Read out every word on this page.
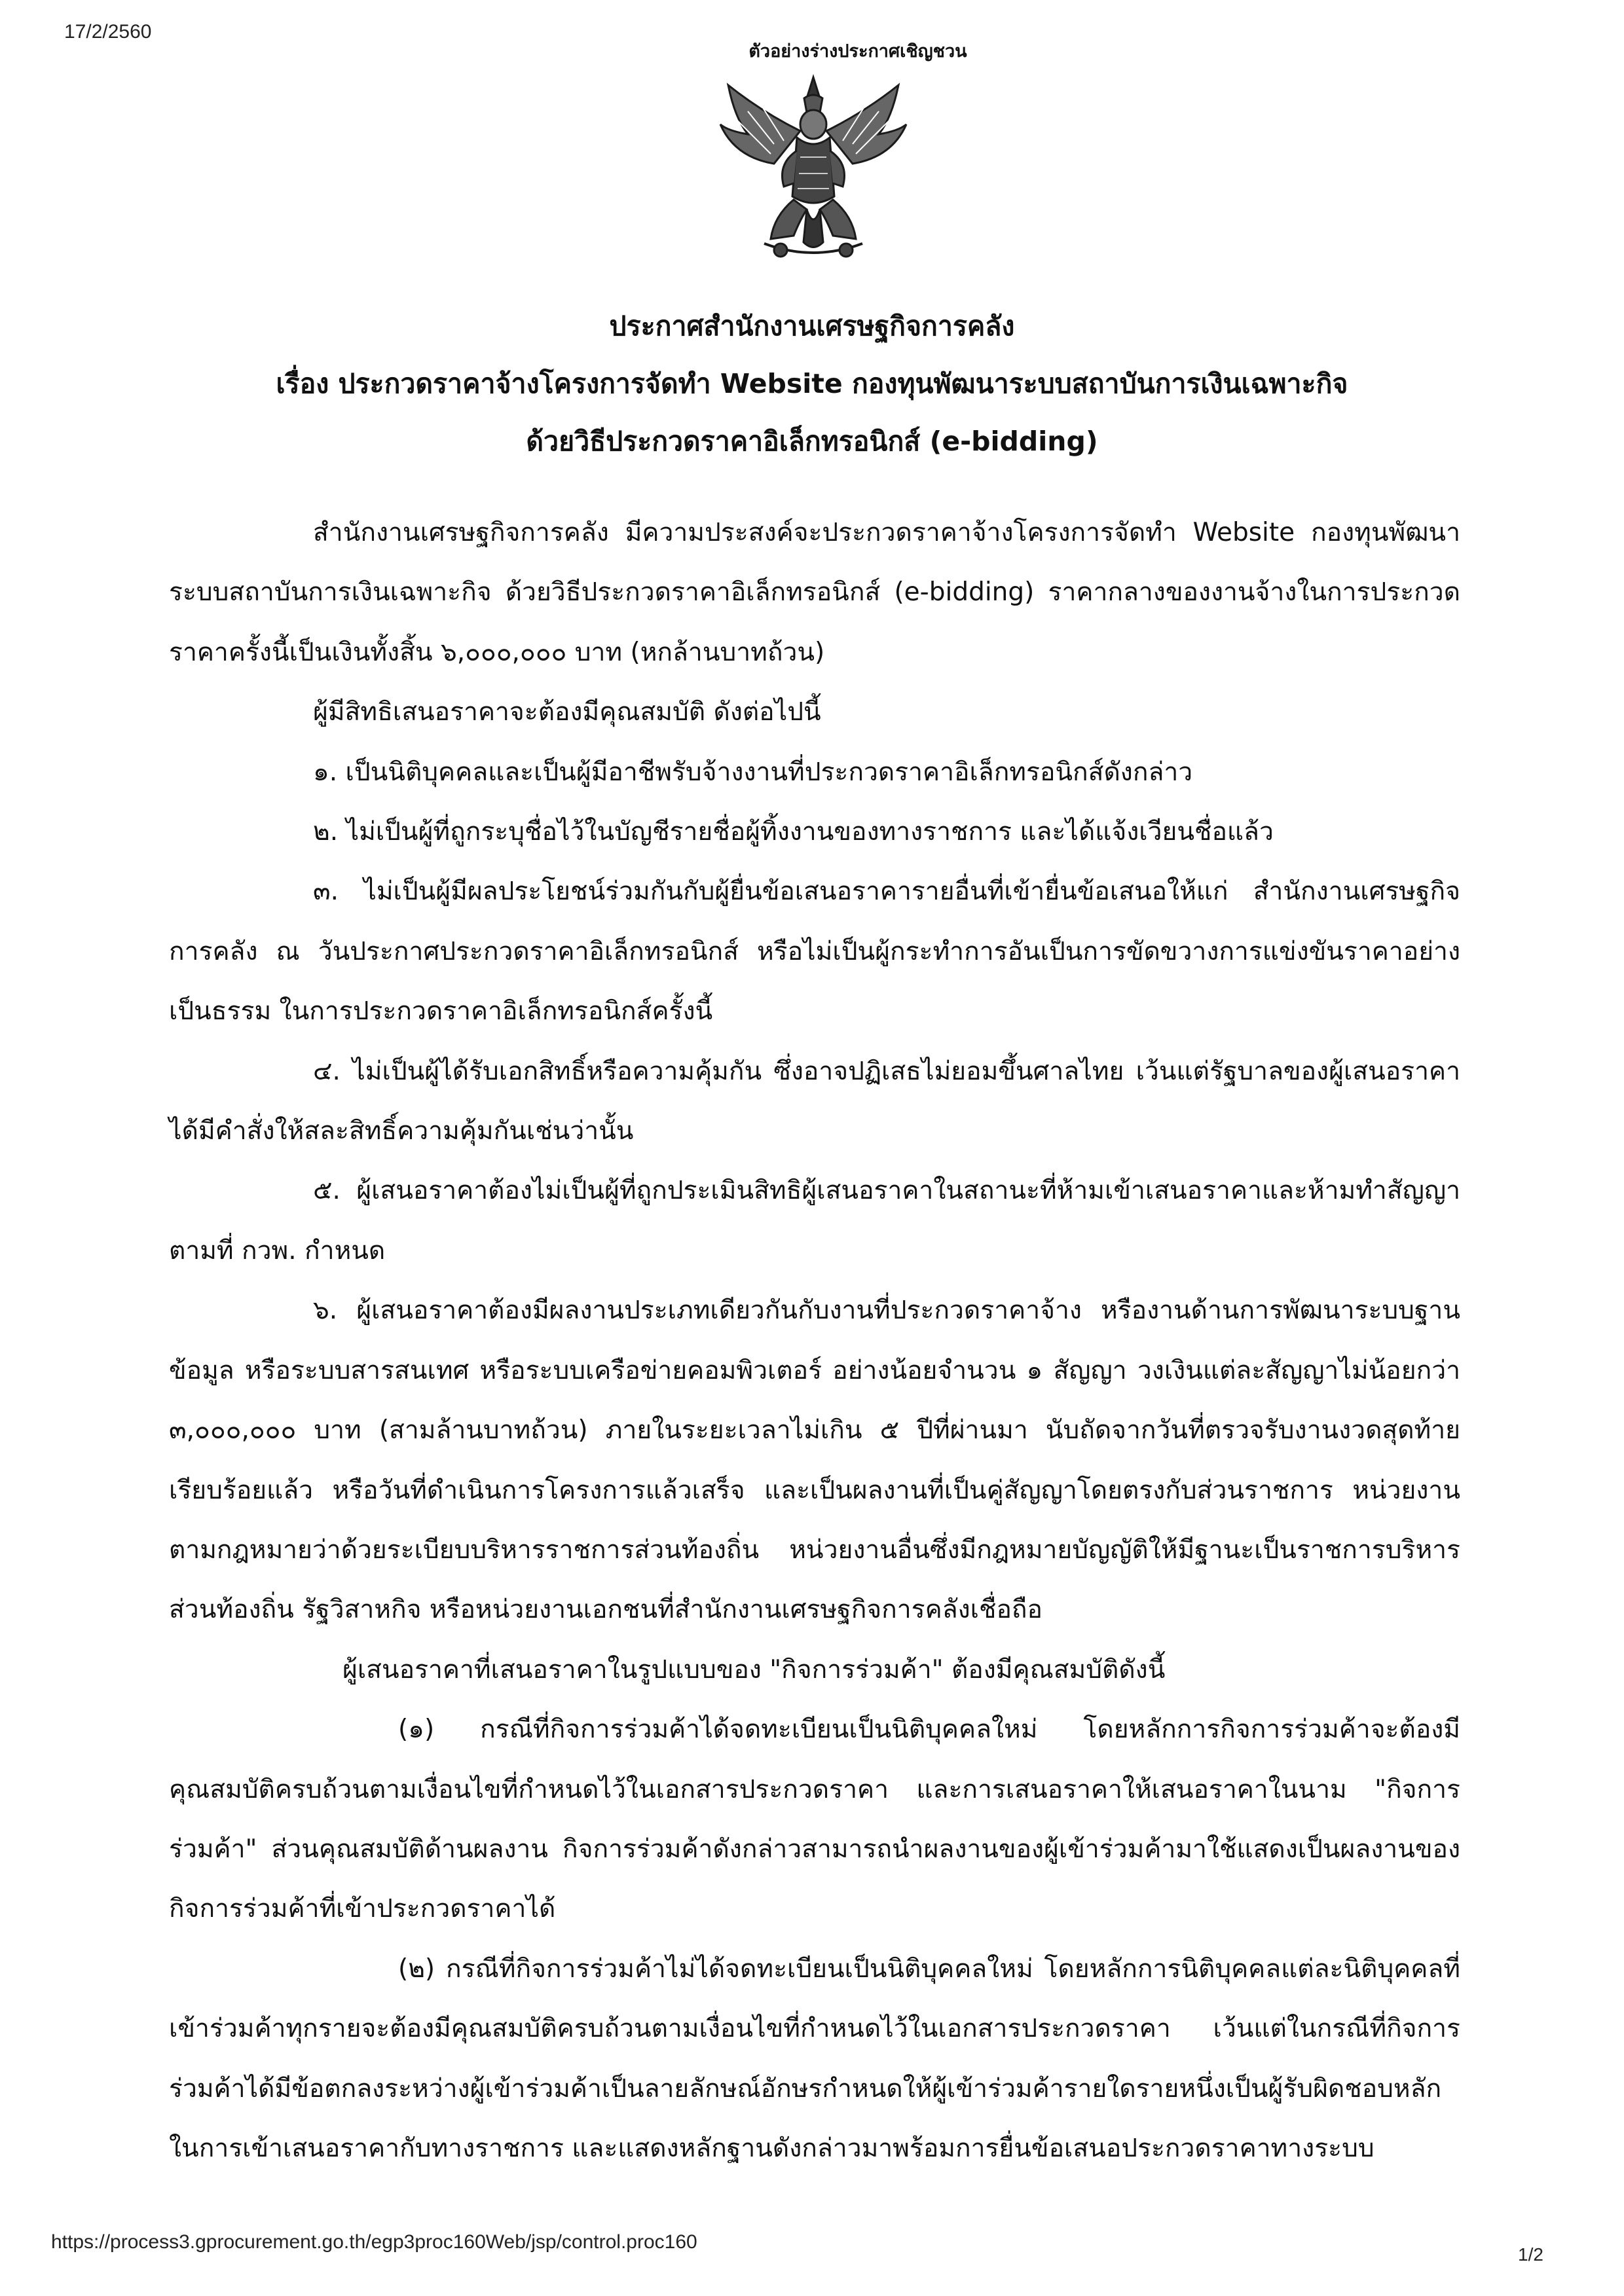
17/2/2560
ตัวอย่างร่างประกาศเชิญชวน
ประกาศสำนักงานเศรษฐกิจการคลัง
เรื่อง ประกวดราคาจ้างโครงการจัดทำ Website กองทุนพัฒนาระบบสถาบันการเงินเฉพาะกิจ
ด้วยวิธีประกวดราคาอิเล็กทรอนิกส์ (e-bidding)

สำนักงานเศรษฐกิจการคลัง มีความประสงค์จะประกวดราคาจ้างโครงการจัดทำ Website กองทุนพัฒนาระบบสถาบันการเงินเฉพาะกิจ ด้วยวิธีประกวดราคาอิเล็กทรอนิกส์ (e-bidding) ราคากลางของงานจ้างในการประกวดราคาครั้งนี้เป็นเงินทั้งสิ้น ๖,๐๐๐,๐๐๐ บาท (หกล้านบาทถ้วน)

ผู้มีสิทธิเสนอราคาจะต้องมีคุณสมบัติ ดังต่อไปนี้

๑. เป็นนิติบุคคลและเป็นผู้มีอาชีพรับจ้างงานที่ประกวดราคาอิเล็กทรอนิกส์ดังกล่าว

๒. ไม่เป็นผู้ที่ถูกระบุชื่อไว้ในบัญชีรายชื่อผู้ทิ้งงานของทางราชการ และได้แจ้งเวียนชื่อแล้ว

๓. ไม่เป็นผู้มีผลประโยชน์ร่วมกันกับผู้ยื่นข้อเสนอราคารายอื่นที่เข้ายื่นข้อเสนอให้แก่ สำนักงานเศรษฐกิจการคลัง ณ วันประกาศประกวดราคาอิเล็กทรอนิกส์ หรือไม่เป็นผู้กระทำการอันเป็นการขัดขวางการแข่งขันราคาอย่างเป็นธรรม ในการประกวดราคาอิเล็กทรอนิกส์ครั้งนี้

๔. ไม่เป็นผู้ได้รับเอกสิทธิ์หรือความคุ้มกัน ซึ่งอาจปฏิเสธไม่ยอมขึ้นศาลไทย เว้นแต่รัฐบาลของผู้เสนอราคาได้มีคำสั่งให้สละสิทธิ์ความคุ้มกันเช่นว่านั้น

๕. ผู้เสนอราคาต้องไม่เป็นผู้ที่ถูกประเมินสิทธิผู้เสนอราคาในสถานะที่ห้ามเข้าเสนอราคาและห้ามทำสัญญาตามที่ กวพ. กำหนด

๖. ผู้เสนอราคาต้องมีผลงานประเภทเดียวกันกับงานที่ประกวดราคาจ้าง หรืองานด้านการพัฒนาระบบฐานข้อมูล หรือระบบสารสนเทศ หรือระบบเครือข่ายคอมพิวเตอร์ อย่างน้อยจำนวน ๑ สัญญา วงเงินแต่ละสัญญาไม่น้อยกว่า ๓,๐๐๐,๐๐๐ บาท (สามล้านบาทถ้วน) ภายในระยะเวลาไม่เกิน ๕ ปีที่ผ่านมา นับถัดจากวันที่ตรวจรับงานงวดสุดท้ายเรียบร้อยแล้ว หรือวันที่ดำเนินการโครงการแล้วเสร็จ และเป็นผลงานที่เป็นคู่สัญญาโดยตรงกับส่วนราชการ หน่วยงานตามกฎหมายว่าด้วยระเบียบบริหารราชการส่วนท้องถิ่น หน่วยงานอื่นซึ่งมีกฎหมายบัญญัติให้มีฐานะเป็นราชการบริหารส่วนท้องถิ่น รัฐวิสาหกิจ หรือหน่วยงานเอกชนที่สำนักงานเศรษฐกิจการคลังเชื่อถือ

ผู้เสนอราคาที่เสนอราคาในรูปแบบของ "กิจการร่วมค้า" ต้องมีคุณสมบัติดังนี้

(๑) กรณีที่กิจการร่วมค้าได้จดทะเบียนเป็นนิติบุคคลใหม่ โดยหลักการกิจการร่วมค้าจะต้องมีคุณสมบัติครบถ้วนตามเงื่อนไขที่กำหนดไว้ในเอกสารประกวดราคา และการเสนอราคาให้เสนอราคาในนาม "กิจการร่วมค้า" ส่วนคุณสมบัติด้านผลงาน กิจการร่วมค้าดังกล่าวสามารถนำผลงานของผู้เข้าร่วมค้ามาใช้แสดงเป็นผลงานของกิจการร่วมค้าที่เข้าประกวดราคาได้

(๒) กรณีที่กิจการร่วมค้าไม่ได้จดทะเบียนเป็นนิติบุคคลใหม่ โดยหลักการนิติบุคคลแต่ละนิติบุคคลที่เข้าร่วมค้าทุกรายจะต้องมีคุณสมบัติครบถ้วนตามเงื่อนไขที่กำหนดไว้ในเอกสารประกวดราคา เว้นแต่ในกรณีที่กิจการร่วมค้าได้มีข้อตกลงระหว่างผู้เข้าร่วมค้าเป็นลายลักษณ์อักษรกำหนดให้ผู้เข้าร่วมค้ารายใดรายหนึ่งเป็นผู้รับผิดชอบหลักในการเข้าเสนอราคากับทางราชการ และแสดงหลักฐานดังกล่าวมาพร้อมการยื่นข้อเสนอประกวดราคาทางระบบ

https://process3.gprocurement.go.th/egp3proc160Web/jsp/control.proc160
1/2
